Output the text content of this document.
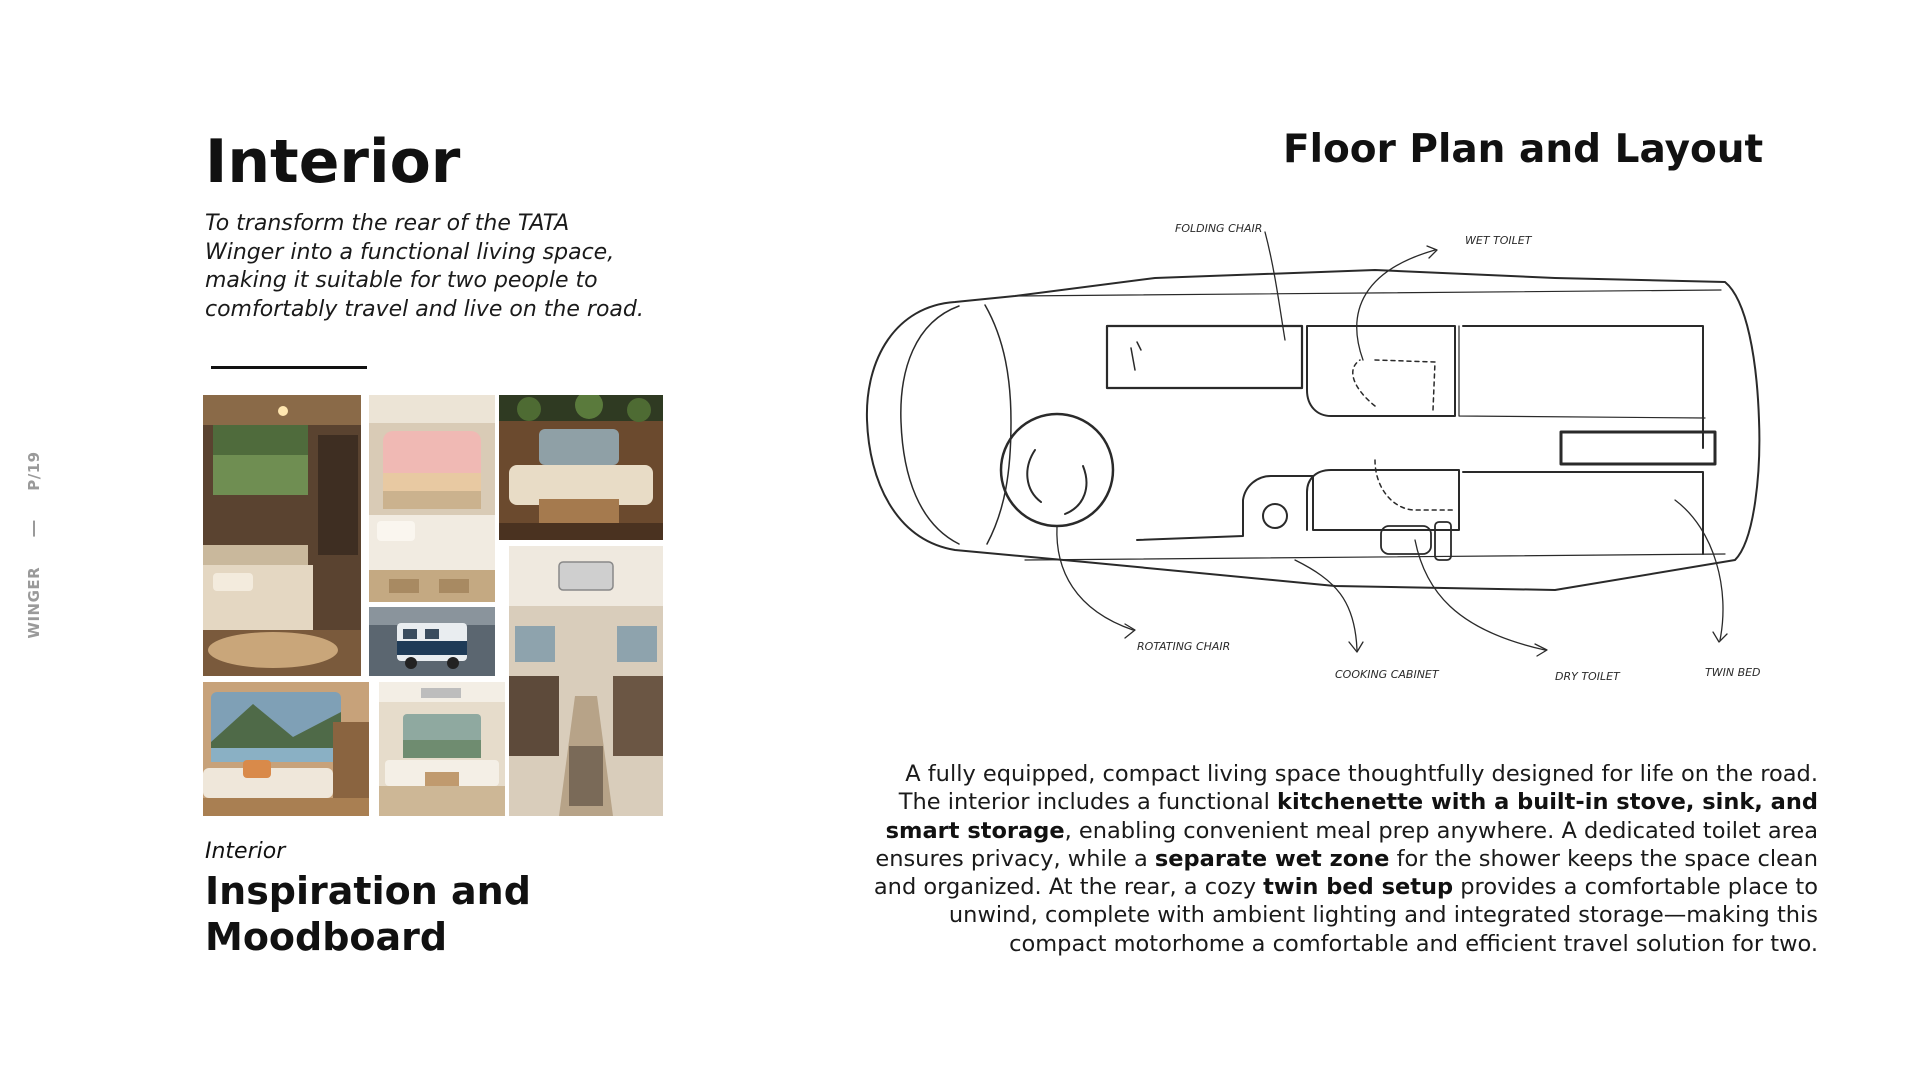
WINGER
P/19
Interior

To transform the rear of the TATA Winger into a functional living space, making it suitable for two people to comfortably travel and live on the road.

Interior

Inspiration and Moodboard
Floor Plan and Layout
FOLDING CHAIR
WET TOILET
ROTATING CHAIR
COOKING CABINET	DRY TOILET	TWIN BED

A fully equipped, compact living space thoughtfully designed for life on the road. The interior includes a functional kitchenette with a built-in stove, sink, and smart storage, enabling convenient meal prep anywhere. A dedicated toilet area ensures privacy, while a separate wet zone for the shower keeps the space clean and organized. At the rear, a cozy twin bed setup provides a comfortable place to unwind, complete with ambient lighting and integrated storage—making this compact motorhome a comfortable and efficient travel solution for two.
